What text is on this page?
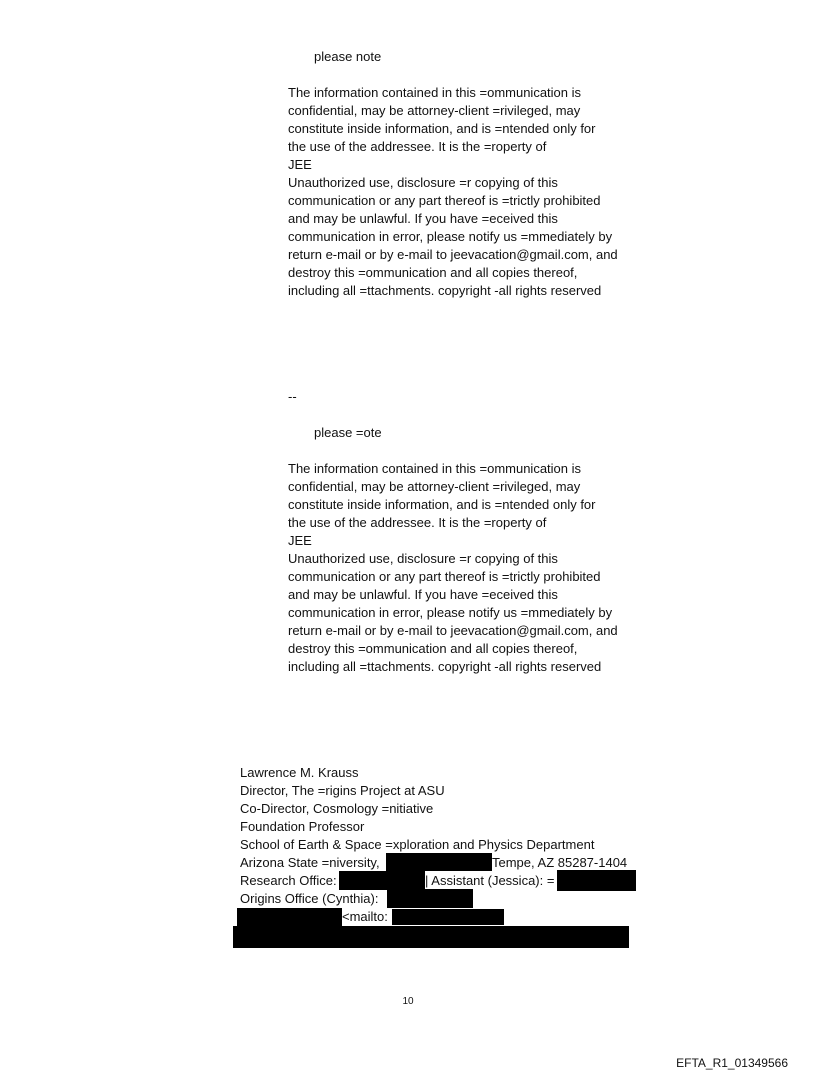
please note
The information contained in this =ommunication is
confidential, may be attorney-client =rivileged, may
constitute inside information, and is =ntended only for
the use of the addressee. It is the =roperty of
JEE
Unauthorized use, disclosure =r copying of this
communication or any part thereof is =trictly prohibited
and may be unlawful. If you have =eceived this
communication in error, please notify us =mmediately by
return e-mail or by e-mail to jeevacation@gmail.com, and
destroy this =ommunication and all copies thereof,
including all =ttachments. copyright -all rights reserved
--
please =ote
The information contained in this =ommunication is
confidential, may be attorney-client =rivileged, may
constitute inside information, and is =ntended only for
the use of the addressee. It is the =roperty of
JEE
Unauthorized use, disclosure =r copying of this
communication or any part thereof is =trictly prohibited
and may be unlawful. If you have =eceived this
communication in error, please notify us =mmediately by
return e-mail or by e-mail to jeevacation@gmail.com, and
destroy this =ommunication and all copies thereof,
including all =ttachments. copyright -all rights reserved
Lawrence M. Krauss
Director, The =rigins Project at ASU
Co-Director, Cosmology =nitiative
Foundation Professor
School of Earth & Space =xploration and Physics Department
Arizona State =niversity,	Tempe, AZ 85287-1404
Research Office:	| Assistant (Jessica): =
Origins Office (Cynthia):
<mailto:
10
EFTA_R1_01349566
